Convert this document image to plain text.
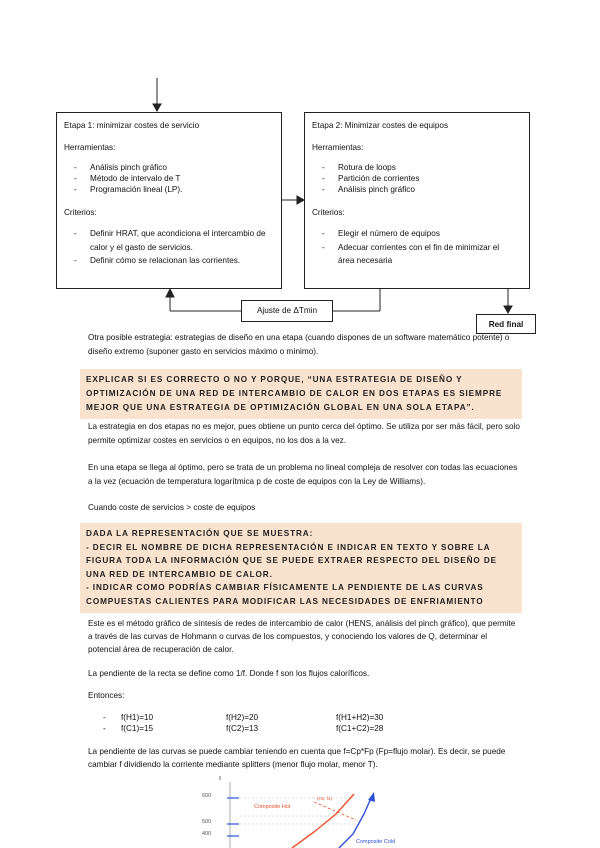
Etapa 1: minimizar costes de servicio

Herramientas:

- Análisis pinch gráfico
- Método de intervalo de T
- Programación lineal (LP).

Criterios:

- Definir HRAT, que acondiciona el intercambio de calor y el gasto de servicios.
- Definir cómo se relacionan las corrientes.

Etapa 2: Minimizar costes de equipos

Herramientas:

- Rotura de loops
- Partición de corrientes
- Análisis pinch gráfico

Criterios:

- Elegir el número de equipos
- Adecuar corrientes con el fin de minimizar el área necesaria
Ajuste de ΔTmin
Red final

Otra posible estrategia: estrategias de diseño en una etapa (cuando dispones de un software matemático potente) o diseño extremo (suponer gasto en servicios máximo o mínimo).

EXPLICAR SI ES CORRECTO O NO Y PORQUE, “UNA ESTRATEGIA DE DISEÑO Y OPTIMIZACIÓN DE UNA RED DE INTERCAMBIO DE CALOR EN DOS ETAPAS ES SIEMPRE MEJOR QUE UNA ESTRATEGIA DE OPTIMIZACIÓN GLOBAL EN UNA SOLA ETAPA”.

La estrategia en dos etapas no es mejor, pues obtiene un punto cerca del óptimo. Se utiliza por ser más fácil, pero solo permite optimizar costes en servicios o en equipos, no los dos a la vez.

En una etapa se llega al óptimo, pero se trata de un problema no lineal compleja de resolver con todas las ecuaciones a la vez (ecuación de temperatura logarítmica p de coste de equipos con la Ley de Williams).

Cuando coste de servicios > coste de equipos

DADA LA REPRESENTACIÓN QUE SE MUESTRA:

- DECIR EL NOMBRE DE DICHA REPRESENTACIÓN E INDICAR EN TEXTO Y SOBRE LA FIGURA TODA LA INFORMACIÓN QUE SE PUEDE EXTRAER RESPECTO DEL DISEÑO DE UNA RED DE INTERCAMBIO DE CALOR.

- INDICAR COMO PODRÍAS CAMBIAR FÍSICAMENTE LA PENDIENTE DE LAS CURVAS COMPUESTAS CALIENTES PARA MODIFICAR LAS NECESIDADES DE ENFRIAMIENTO

Este es el método gráfico de síntesis de redes de intercambio de calor (HENS, análisis del pinch gráfico), que permite a través de las curvas de Hohmann o curvas de los compuestos, y conociendo los valores de Q, determinar el potencial área de recuperación de calor.

La pendiente de la recta se define como 1/f. Donde f son los flujos caloríficos.

Entonces:

- f(H1)=10	f(H2)=20	f(H1+H2)=30
- f(C1)=15	f(C2)=13	f(C1+C2)=28

La pendiente de las curvas se puede cambiar teniendo en cuenta que f=Cp*Fp (Fp=flujo molar). Es decir, se puede cambiar f dividiendo la corriente mediante splitters (menor flujo molar, menor T).

T
600
500
400
Composite Hot
Composite Cold
(H1, f1)
